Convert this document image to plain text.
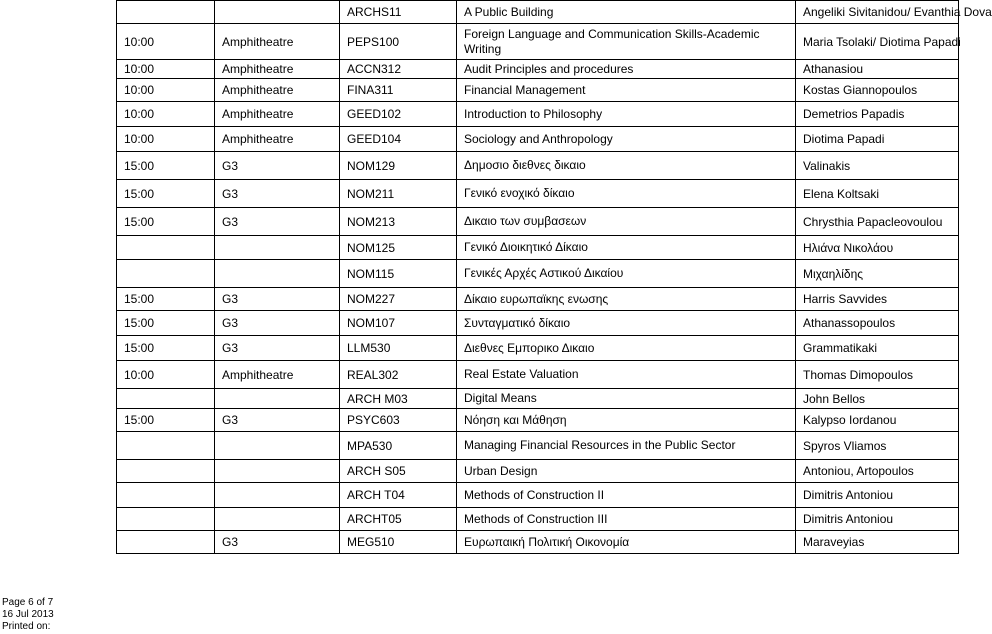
		ARCHS11	A Public Building	Angeliki Sivitanidou/ Evanthia Dova
10:00	Amphitheatre	PEPS100	Foreign Language and Communication Skills-Academic Writing	Maria Tsolaki/ Diotima Papadi
10:00	Amphitheatre	ACCN312	Audit Principles and procedures	Athanasiou
10:00	Amphitheatre	FINA311	Financial Management	Kostas Giannopoulos
10:00	Amphitheatre	GEED102	Introduction to Philosophy	Demetrios Papadis
10:00	Amphitheatre	GEED104	Sociology and Anthropology	Diotima Papadi
15:00	G3	NOM129	Δημοσιο διεθνες δικαιο	Valinakis
15:00	G3	NOM211	Γενικό ενοχικό δίκαιο	Elena Koltsaki
15:00	G3	NOM213	Δικαιο των συμβασεων	Chrysthia Papacleovoulou
		NOM125	Γενικό Διοικητικό Δίκαιο	Ηλιάνα Νικολάου
		NOM115	Γενικές Αρχές Αστικού Δικαίου	Μιχαηλίδης
15:00	G3	NOM227	Δίκαιο ευρωπαϊκης ενωσης	Harris Savvides
15:00	G3	NOM107	Συνταγματικό δίκαιο	Athanassopoulos
15:00	G3	LLM530	Διεθνες Εμπορικο Δικαιο	Grammatikaki
10:00	Amphitheatre	REAL302	Real Estate Valuation	Thomas Dimopoulos
		ARCH M03	Digital Means	John Bellos
15:00	G3	PSYC603	Νόηση και Μάθηση	Kalypso Iordanou
		MPA530	Managing Financial Resources in the Public Sector	Spyros Vliamos
		ARCH S05	Urban Design	Antoniou, Artopoulos
		ARCH T04	Methods of Construction II	Dimitris Antoniou
		ARCHT05	Methods of Construction III	Dimitris Antoniou
	G3	MEG510	Ευρωπαική Πολιτική Οικονομία	Maraveyias
Page 6 of 7
16 Jul 2013
Printed on:
